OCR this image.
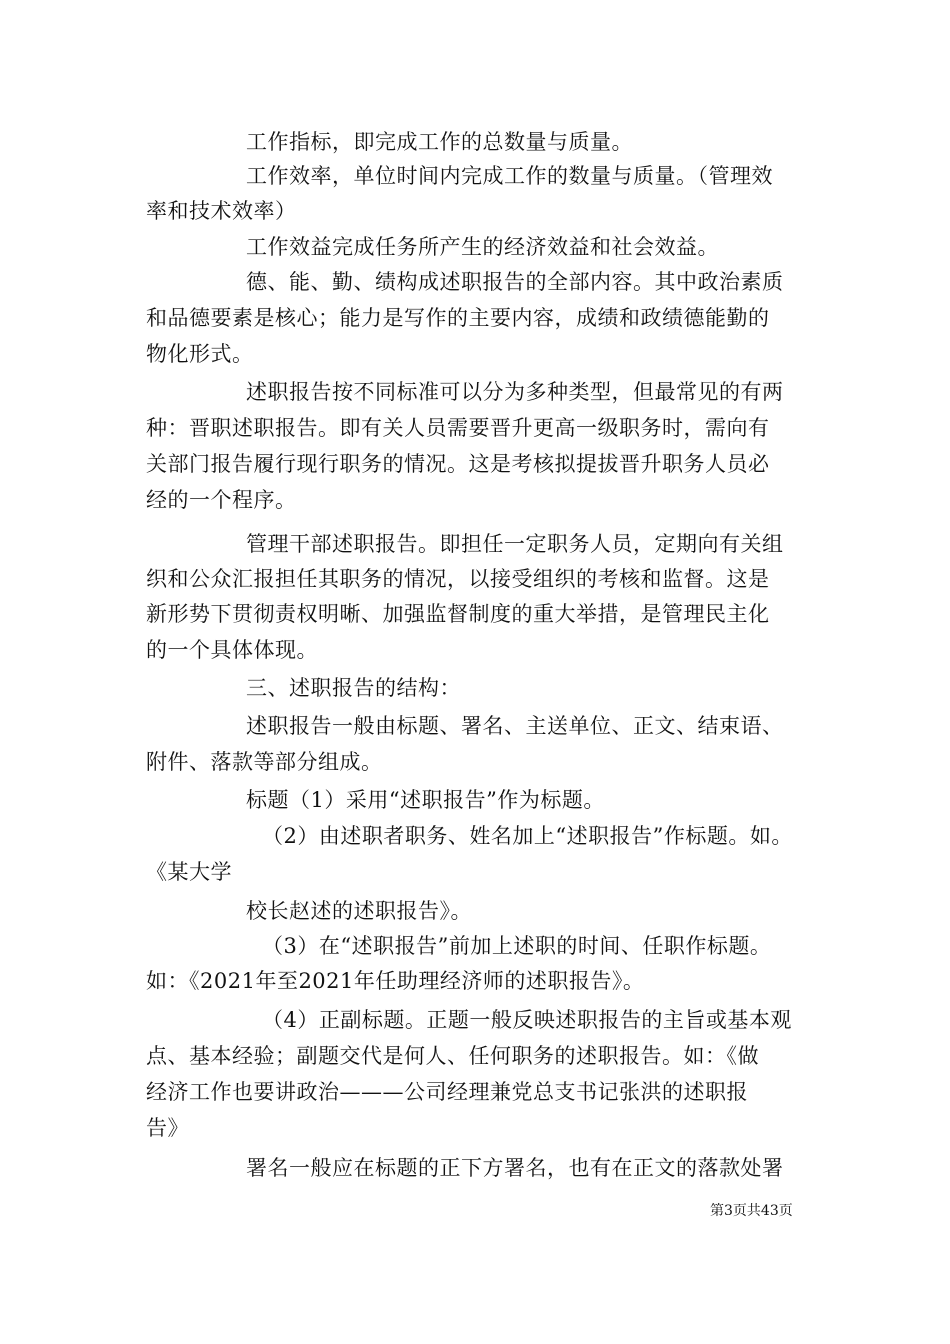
工作指标，即完成工作的总数量与质量。
工作效率，单位时间内完成工作的数量与质量。（管理效
率和技术效率）
工作效益完成任务所产生的经济效益和社会效益。
德、能、勤、绩构成述职报告的全部内容。其中政治素质
和品德要素是核心；能力是写作的主要内容，成绩和政绩德能勤的
物化形式。
述职报告按不同标准可以分为多种类型，但最常见的有两
种：晋职述职报告。即有关人员需要晋升更高一级职务时，需向有
关部门报告履行现行职务的情况。这是考核拟提拔晋升职务人员必
经的一个程序。
管理干部述职报告。即担任一定职务人员，定期向有关组
织和公众汇报担任其职务的情况，以接受组织的考核和监督。这是
新形势下贯彻责权明晰、加强监督制度的重大举措，是管理民主化
的一个具体体现。
三、述职报告的结构：
述职报告一般由标题、署名、主送单位、正文、结束语、
附件、落款等部分组成。
标题（1）采用“述职报告”作为标题。
（2）由述职者职务、姓名加上“述职报告”作标题。如。
《某大学
校长赵述的述职报告》。
（3）在“述职报告”前加上述职的时间、任职作标题。
如：《2021年至2021年任助理经济师的述职报告》。
（4）正副标题。正题一般反映述职报告的主旨或基本观
点、基本经验；副题交代是何人、任何职务的述职报告。如：《做
经济工作也要讲政治———公司经理兼党总支书记张洪的述职报
告》
署名一般应在标题的正下方署名，也有在正文的落款处署
第3页共43页
